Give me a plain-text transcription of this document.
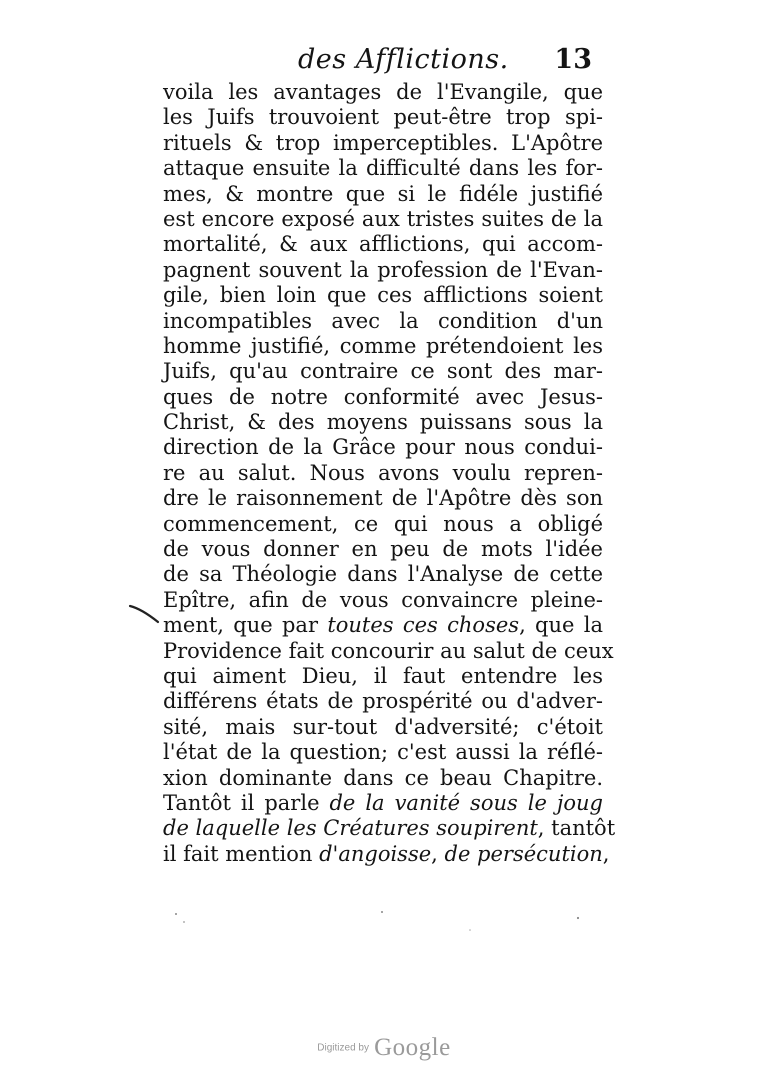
des Afflictions. 13
voila les avantages de l'Evangile, que
les Juifs trouvoient peut-être trop spi-
rituels & trop imperceptibles. L'Apôtre
attaque ensuite la difficulté dans les for-
mes, & montre que si le fidéle justifié
est encore exposé aux tristes suites de la
mortalité, & aux afflictions, qui accom-
pagnent souvent la profession de l'Evan-
gile, bien loin que ces afflictions soient
incompatibles avec la condition d'un
homme justifié, comme prétendoient les
Juifs, qu'au contraire ce sont des mar-
ques de notre conformité avec Jesus-
Christ, & des moyens puissans sous la
direction de la Grâce pour nous condui-
re au salut. Nous avons voulu repren-
dre le raisonnement de l'Apôtre dès son
commencement, ce qui nous a obligé
de vous donner en peu de mots l'idée
de sa Théologie dans l'Analyse de cette
Epître, afin de vous convaincre pleine-
ment, que par toutes ces choses, que la
Providence fait concourir au salut de ceux
qui aiment Dieu, il faut entendre les
différens états de prospérité ou d'adver-
sité, mais sur-tout d'adversité; c'étoit
l'état de la question; c'est aussi la réflé-
xion dominante dans ce beau Chapitre.
Tantôt il parle de la vanité sous le joug
de laquelle les Créatures soupirent, tantôt
il fait mention d'angoisse, de persécution,
Digitized by Google
